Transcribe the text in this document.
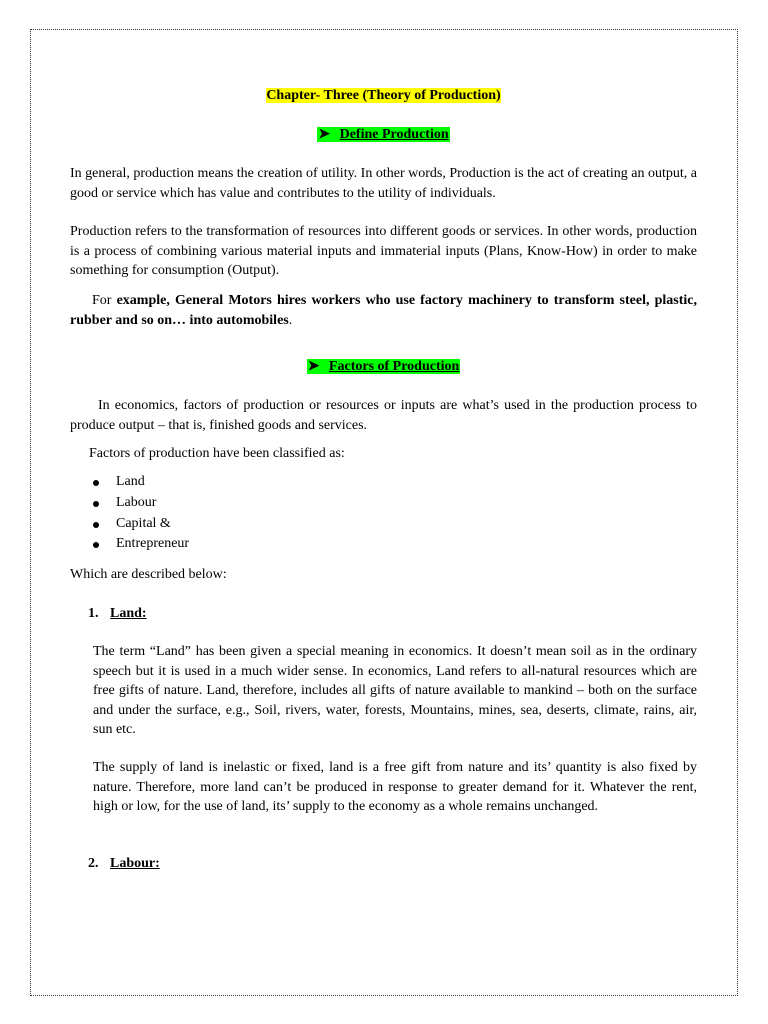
Chapter- Three (Theory of Production)
➤ Define Production
In general, production means the creation of utility. In other words, Production is the act of creating an output, a good or service which has value and contributes to the utility of individuals.
Production refers to the transformation of resources into different goods or services. In other words, production is a process of combining various material inputs and immaterial inputs (Plans, Know-How) in order to make something for consumption (Output).
For example, General Motors hires workers who use factory machinery to transform steel, plastic, rubber and so on… into automobiles.
➤ Factors of Production
In economics, factors of production or resources or inputs are what’s used in the production process to produce output – that is, finished goods and services.
Factors of production have been classified as:
Land
Labour
Capital &
Entrepreneur
Which are described below:
1. Land:
The term “Land” has been given a special meaning in economics. It doesn’t mean soil as in the ordinary speech but it is used in a much wider sense. In economics, Land refers to all-natural resources which are free gifts of nature. Land, therefore, includes all gifts of nature available to mankind – both on the surface and under the surface, e.g., Soil, rivers, water, forests, Mountains, mines, sea, deserts, climate, rains, air, sun etc.
The supply of land is inelastic or fixed, land is a free gift from nature and its’ quantity is also fixed by nature. Therefore, more land can’t be produced in response to greater demand for it. Whatever the rent, high or low, for the use of land, its’ supply to the economy as a whole remains unchanged.
2. Labour:
